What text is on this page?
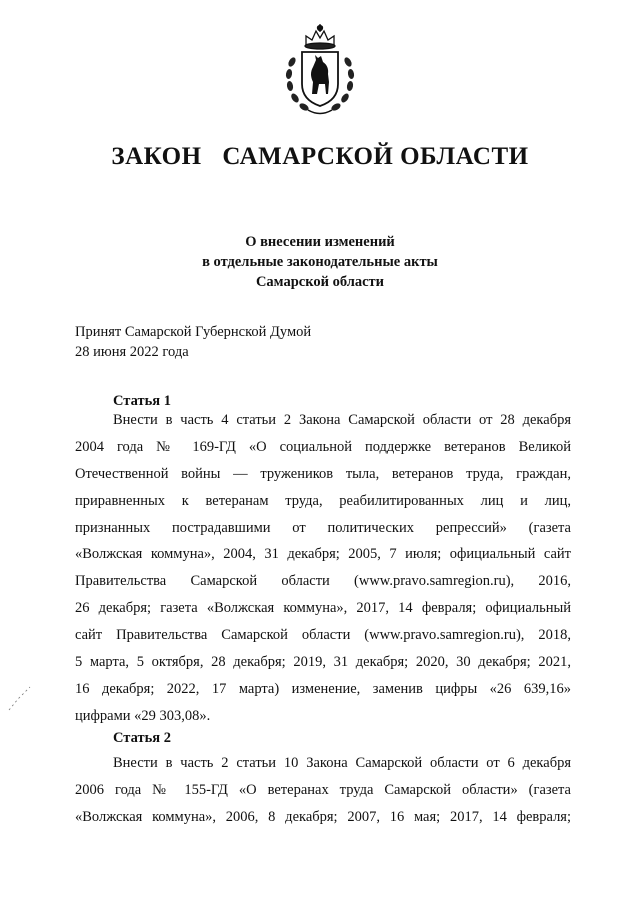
ЗАКОН САМАРСКОЙ ОБЛАСТИ
О внесении изменений
в отдельные законодательные акты
Самарской области
Принят Самарской Губернской Думой
28 июня 2022 года
Статья 1
Внести в часть 4 статьи 2 Закона Самарской области от 28 декабря
2004 года № 169-ГД «О социальной поддержке ветеранов Великой
Отечественной войны — тружеников тыла, ветеранов труда, граждан,
приравненных к ветеранам труда, реабилитированных лиц и лиц,
признанных пострадавшими от политических репрессий» (газета
«Волжская коммуна», 2004, 31 декабря; 2005, 7 июля; официальный сайт
Правительства Самарской области (www.pravo.samregion.ru), 2016,
26 декабря; газета «Волжская коммуна», 2017, 14 февраля; официальный
сайт Правительства Самарской области (www.pravo.samregion.ru), 2018,
5 марта, 5 октября, 28 декабря; 2019, 31 декабря; 2020, 30 декабря; 2021,
16 декабря; 2022, 17 марта) изменение, заменив цифры «26 639,16»
цифрами «29 303,08».
Статья 2
Внести в часть 2 статьи 10 Закона Самарской области от 6 декабря
2006 года № 155-ГД «О ветеранах труда Самарской области» (газета
«Волжская коммуна», 2006, 8 декабря; 2007, 16 мая; 2017, 14 февраля;
